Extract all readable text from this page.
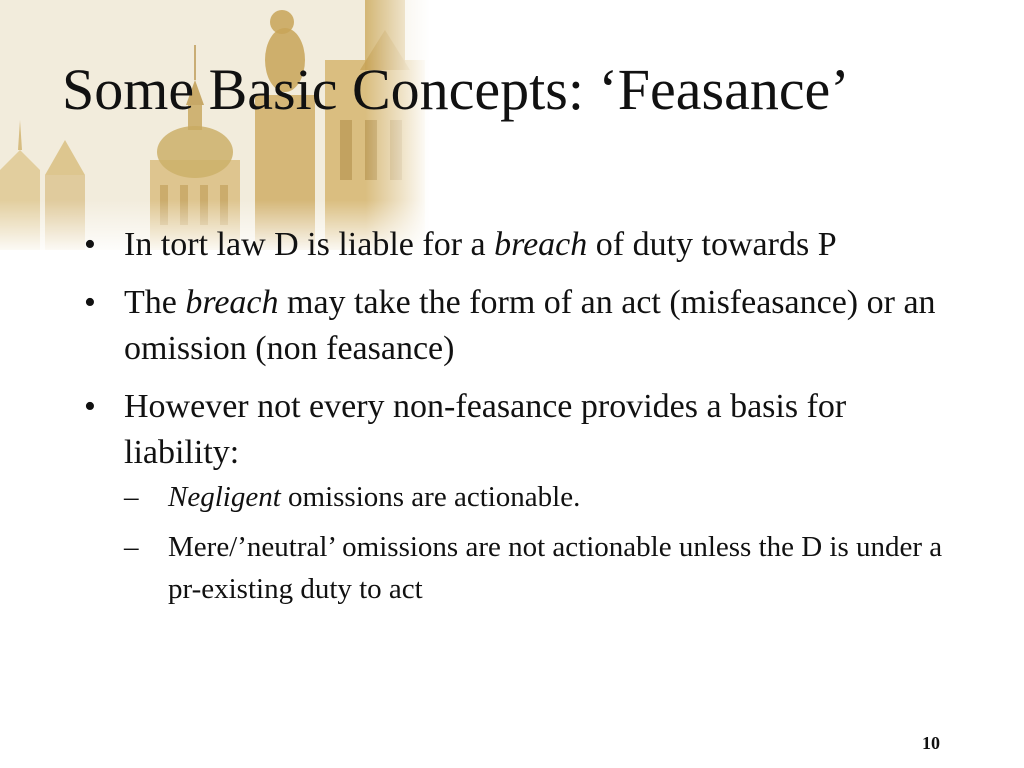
Some Basic Concepts: ‘Feasance’
• In tort law D is liable for a breach of duty towards P
• The breach may take the form of an act (misfeasance) or an omission (non feasance)
• However not every non-feasance provides a basis for liability:
– Negligent omissions are actionable.
– Mere/’neutral’ omissions are not actionable unless the D is under a pr-existing duty to act
10
